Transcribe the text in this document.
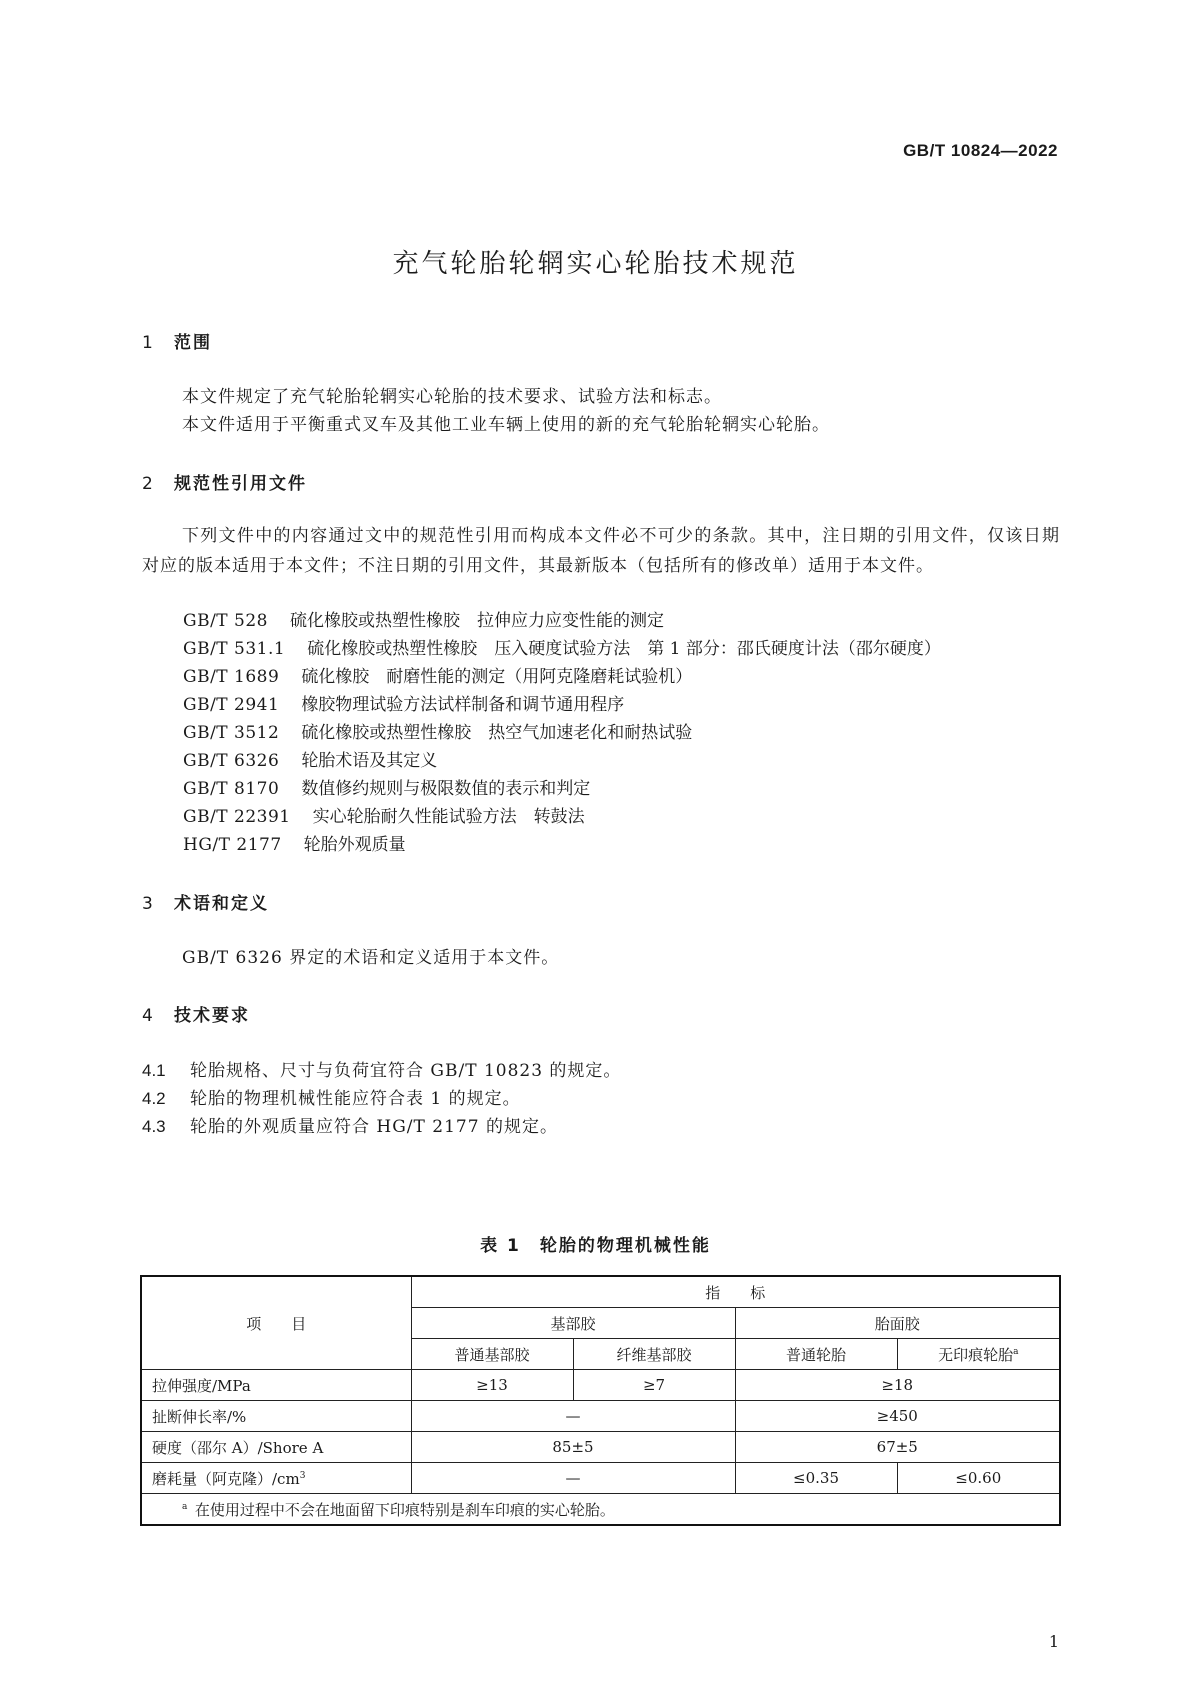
GB/T 10824—2022
充气轮胎轮辋实心轮胎技术规范
1 范围
本文件规定了充气轮胎轮辋实心轮胎的技术要求、试验方法和标志。
本文件适用于平衡重式叉车及其他工业车辆上使用的新的充气轮胎轮辋实心轮胎。
2 规范性引用文件
下列文件中的内容通过文中的规范性引用而构成本文件必不可少的条款。其中，注日期的引用文件，仅该日期对应的版本适用于本文件；不注日期的引用文件，其最新版本（包括所有的修改单）适用于本文件。
GB/T 528 硫化橡胶或热塑性橡胶　拉伸应力应变性能的测定
GB/T 531.1 硫化橡胶或热塑性橡胶　压入硬度试验方法　第 1 部分：邵氏硬度计法（邵尔硬度）
GB/T 1689 硫化橡胶　耐磨性能的测定（用阿克隆磨耗试验机）
GB/T 2941 橡胶物理试验方法试样制备和调节通用程序
GB/T 3512 硫化橡胶或热塑性橡胶　热空气加速老化和耐热试验
GB/T 6326 轮胎术语及其定义
GB/T 8170 数值修约规则与极限数值的表示和判定
GB/T 22391 实心轮胎耐久性能试验方法　转鼓法
HG/T 2177 轮胎外观质量
3 术语和定义
GB/T 6326 界定的术语和定义适用于本文件。
4 技术要求
4.1 轮胎规格、尺寸与负荷宜符合 GB/T 10823 的规定。
4.2 轮胎的物理机械性能应符合表 1 的规定。
4.3 轮胎的外观质量应符合 HG/T 2177 的规定。
表 1　轮胎的物理机械性能
项　　目	指　　标			
	基部胶		胎面胶	
	普通基部胶	纤维基部胶	普通轮胎	无印痕轮胎$^a$
拉伸强度/MPa	≥13	≥7	≥18	
扯断伸长率/%	—		≥450	
硬度（邵尔 A）/Shore A	85±5		67±5	
磨耗量（阿克隆）$/cm^3$	—		≤0.35	≤0.60
$^a$  在使用过程中不会在地面留下印痕特别是刹车印痕的实心轮胎。				
1
